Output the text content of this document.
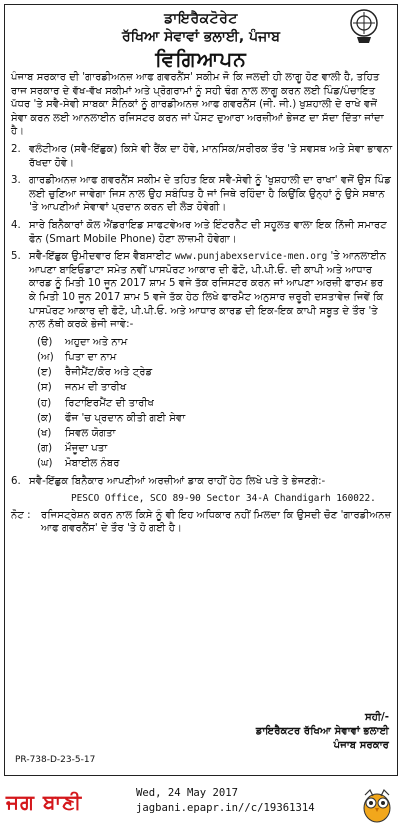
ਡਾਇਰੈਕਟੋਰੇਟ
ਰੱਖਿਆ ਸੇਵਾਵਾਂ ਭਲਾਈ, ਪੰਜਾਬ
ਵਿਗਿਆਪਨ
ਪੰਜਾਬ ਸਰਕਾਰ ਦੀ 'ਗਾਰਡੀਅਨਜ਼ ਆਫ ਗਵਰਨੈਂਸ' ਸਕੀਮ ਜੋ ਕਿ ਜਲਦੀ ਹੀ ਲਾਗੂ ਹੋਣ ਵਾਲੀ ਹੈ, ਤਹਿਤ ਰਾਜ ਸਰਕਾਰ ਦੇ ਵੱਖ-ਵੱਖ ਸਕੀਮਾਂ ਅਤੇ ਪ੍ਰੋਗਰਾਮਾਂ ਨੂੰ ਸਹੀ ਢੰਗ ਨਾਲ ਲਾਗੂ ਕਰਨ ਲਈ ਪਿੰਡ/ਪੰਚਾਇਤ ਪੱਧਰ 'ਤੇ ਸਵੈ-ਸੇਵੀ ਸਾਬਕਾ ਸੈਨਿਕਾਂ ਨੂੰ ਗਾਰਡੀਅਨਜ਼ ਆਫ ਗਵਰਨੈਂਸ (ਜੀ. ਜੀ.) ਖੁਸ਼ਹਾਲੀ ਦੇ ਰਾਖੇ ਵਜੋਂ ਸੇਵਾ ਕਰਨ ਲਈ ਆਨਲਾਈਨ ਰਜਿਸਟਰ ਕਰਨ ਜਾਂ ਪੋਸਟ ਦੁਆਰਾ ਅਰਜ਼ੀਆਂ ਭੇਜਣ ਦਾ ਸੱਦਾ ਦਿੱਤਾ ਜਾਂਦਾ ਹੈ।
2. ਵਲੰਟੀਅਰ (ਸਵੈ-ਇੱਛੁਕ) ਕਿਸੇ ਵੀ ਰੈਂਕ ਦਾ ਹੋਵੇ, ਮਾਨਸਿਕ/ਸਰੀਰਕ ਤੌਰ 'ਤੇ ਸਵਸਥ ਅਤੇ ਸੇਵਾ ਭਾਵਨਾ ਰੱਖਦਾ ਹੋਵੇ।
3. ਗਾਰਡੀਅਨਜ਼ ਆਫ ਗਵਰਨੈਂਸ ਸਕੀਮ ਦੇ ਤਹਿਤ ਇਕ ਸਵੈ-ਸੇਵੀ ਨੂੰ 'ਖੁਸ਼ਹਾਲੀ ਦਾ ਰਾਖਾ' ਵਜੋਂ ਉਸ ਪਿੰਡ ਲਈ ਚੁਣਿਆ ਜਾਵੇਗਾ ਜਿਸ ਨਾਲ ਉਹ ਸਬੰਧਿਤ ਹੈ ਜਾਂ ਜਿਥੇ ਰਹਿੰਦਾ ਹੈ ਕਿਉਂਕਿ ਉਨ੍ਹਾਂ ਨੂੰ ਉਸੇ ਸਥਾਨ 'ਤੇ ਆਪਣੀਆਂ ਸੇਵਾਵਾਂ ਪ੍ਰਦਾਨ ਕਰਨ ਦੀ ਲੋੜ ਹੋਵੇਗੀ।
4. ਸਾਰੇ ਬਿਨੈਕਾਰਾਂ ਕੋਲ ਐਂਡਰਾਇਡ ਸਾਫਟਵੇਅਰ ਅਤੇ ਇੰਟਰਨੈੱਟ ਦੀ ਸਹੂਲਤ ਵਾਲਾ ਇਕ ਨਿੱਜੀ ਸਮਾਰਟ ਫੋਨ (Smart Mobile Phone) ਹੋਣਾ ਲਾਜ਼ਮੀ ਹੋਵੇਗਾ।
5. ਸਵੈ-ਇੱਛੁਕ ਉਮੀਦਵਾਰ ਇਸ ਵੈਬਸਾਈਟ www.punjabexservice-men.org 'ਤੇ ਆਨਲਾਈਨ ਆਪਣਾ ਬਾਇਓਡਾਟਾ ਸਮੇਤ ਨਵੀਂ ਪਾਸਪੋਰਟ ਆਕਾਰ ਦੀ ਫੋਟੋ, ਪੀ.ਪੀ.ਓ. ਦੀ ਕਾਪੀ ਅਤੇ ਆਧਾਰ ਕਾਰਡ ਨੂੰ ਮਿਤੀ 10 ਜੂਨ 2017 ਸ਼ਾਮ 5 ਵਜੇ ਤੱਕ ਰਜਿਸਟਰ ਕਰਨ ਜਾਂ ਆਪਣਾ ਅਰਜ਼ੀ ਫਾਰਮ ਭਰ ਕੇ ਮਿਤੀ 10 ਜੂਨ 2017 ਸ਼ਾਮ 5 ਵਜੇ ਤੱਕ ਹੇਠ ਲਿਖੇ ਫਾਰਮੈਟ ਅਨੁਸਾਰ ਜ਼ਰੂਰੀ ਦਸਤਾਵੇਜ਼ ਜਿਵੇਂ ਕਿ ਪਾਸਪੋਰਟ ਆਕਾਰ ਦੀ ਫੋਟੋ, ਪੀ.ਪੀ.ਓ. ਅਤੇ ਆਧਾਰ ਕਾਰਡ ਦੀ ਇਕ-ਇਕ ਕਾਪੀ ਸਬੂਤ ਦੇ ਤੌਰ 'ਤੇ ਨਾਲ ਨੱਥੀ ਕਰਕੇ ਭੇਜੀ ਜਾਵੇ:-
(ੳ)	ਅਹੁਦਾ ਅਤੇ ਨਾਮ
(ਅ)	ਪਿਤਾ ਦਾ ਨਾਮ
(ੲ)	ਰੈਜੀਮੈਂਟ/ਕੋਰ ਅਤੇ ਟ੍ਰੇਡ
(ਸ)	ਜਨਮ ਦੀ ਤਾਰੀਖ
(ਹ)	ਰਿਟਾਇਰਮੈਂਟ ਦੀ ਤਾਰੀਖ
(ਕ)	ਫੌਜ 'ਚ ਪ੍ਰਦਾਨ ਕੀਤੀ ਗਈ ਸੇਵਾ
(ਖ)	ਸਿਵਲ ਯੋਗਤਾ
(ਗ)	ਮੌਜੂਦਾ ਪਤਾ
(ਘ)	ਮੋਬਾਈਲ ਨੰਬਰ
6. ਸਵੈ-ਇੱਛੁਕ ਬਿਨੈਕਾਰ ਆਪਣੀਆਂ ਅਰਜ਼ੀਆਂ ਡਾਕ ਰਾਹੀਂ ਹੇਠ ਲਿਖੇ ਪਤੇ ਤੇ ਭੇਜਣਗੇ:-
PESCO Office, SCO 89-90 Sector 34-A Chandigarh 160022.
ਨੋਟ :	ਰਜਿਸਟ੍ਰੇਸ਼ਨ ਕਰਨ ਨਾਲ ਕਿਸੇ ਨੂੰ ਵੀ ਇਹ ਅਧਿਕਾਰ ਨਹੀਂ ਮਿਲਦਾ ਕਿ ਉਸਦੀ ਚੋਣ 'ਗਾਰਡੀਅਨਜ਼ ਆਫ ਗਵਰਨੈਂਸ' ਦੇ ਤੌਰ 'ਤੇ ਹੋ ਗਈ ਹੈ।
ਸਹੀ/-
ਡਾਇਰੈਕਟਰ ਰੱਖਿਆ ਸੇਵਾਵਾਂ ਭਲਾਈ
ਪੰਜਾਬ ਸਰਕਾਰ
PR-738-D-23-5-17
ਜਗ ਬਾਣੀ	Wed, 24 May 2017
jagbani.epapr.in//c/19361314
